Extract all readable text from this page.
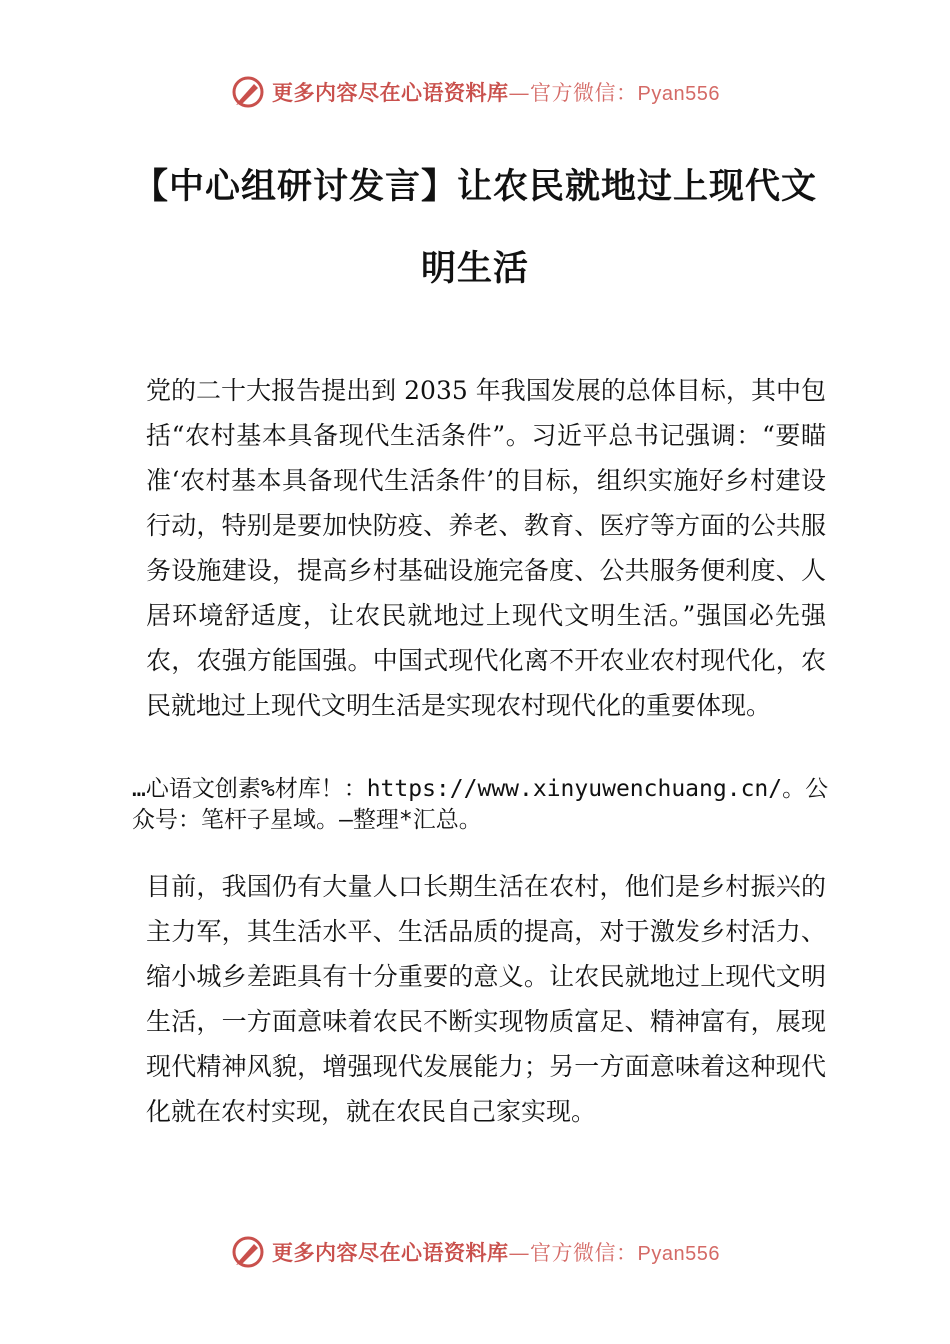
更多内容尽在心语资料库—官方微信：Pyan556
【中心组研讨发言】让农民就地过上现代文明生活

党的二十大报告提出到 2035 年我国发展的总体目标，其中包括“农村基本具备现代生活条件”。习近平总书记强调：“要瞄准‘农村基本具备现代生活条件’的目标，组织实施好乡村建设行动，特别是要加快防疫、养老、教育、医疗等方面的公共服务设施建设，提高乡村基础设施完备度、公共服务便利度、人居环境舒适度，让农民就地过上现代文明生活。”强国必先强农，农强方能国强。中国式现代化离不开农业农村现代化，农民就地过上现代文明生活是实现农村现代化的重要体现。

…心语文创素%材库！：https://www.xinyuwenchuang.cn/。公众号：笔杆子星域。—整理*汇总。

目前，我国仍有大量人口长期生活在农村，他们是乡村振兴的主力军，其生活水平、生活品质的提高，对于激发乡村活力、缩小城乡差距具有十分重要的意义。让农民就地过上现代文明生活，一方面意味着农民不断实现物质富足、精神富有，展现现代精神风貌，增强现代发展能力；另一方面意味着这种现代化就在农村实现，就在农民自己家实现。

更多内容尽在心语资料库—官方微信：Pyan556
